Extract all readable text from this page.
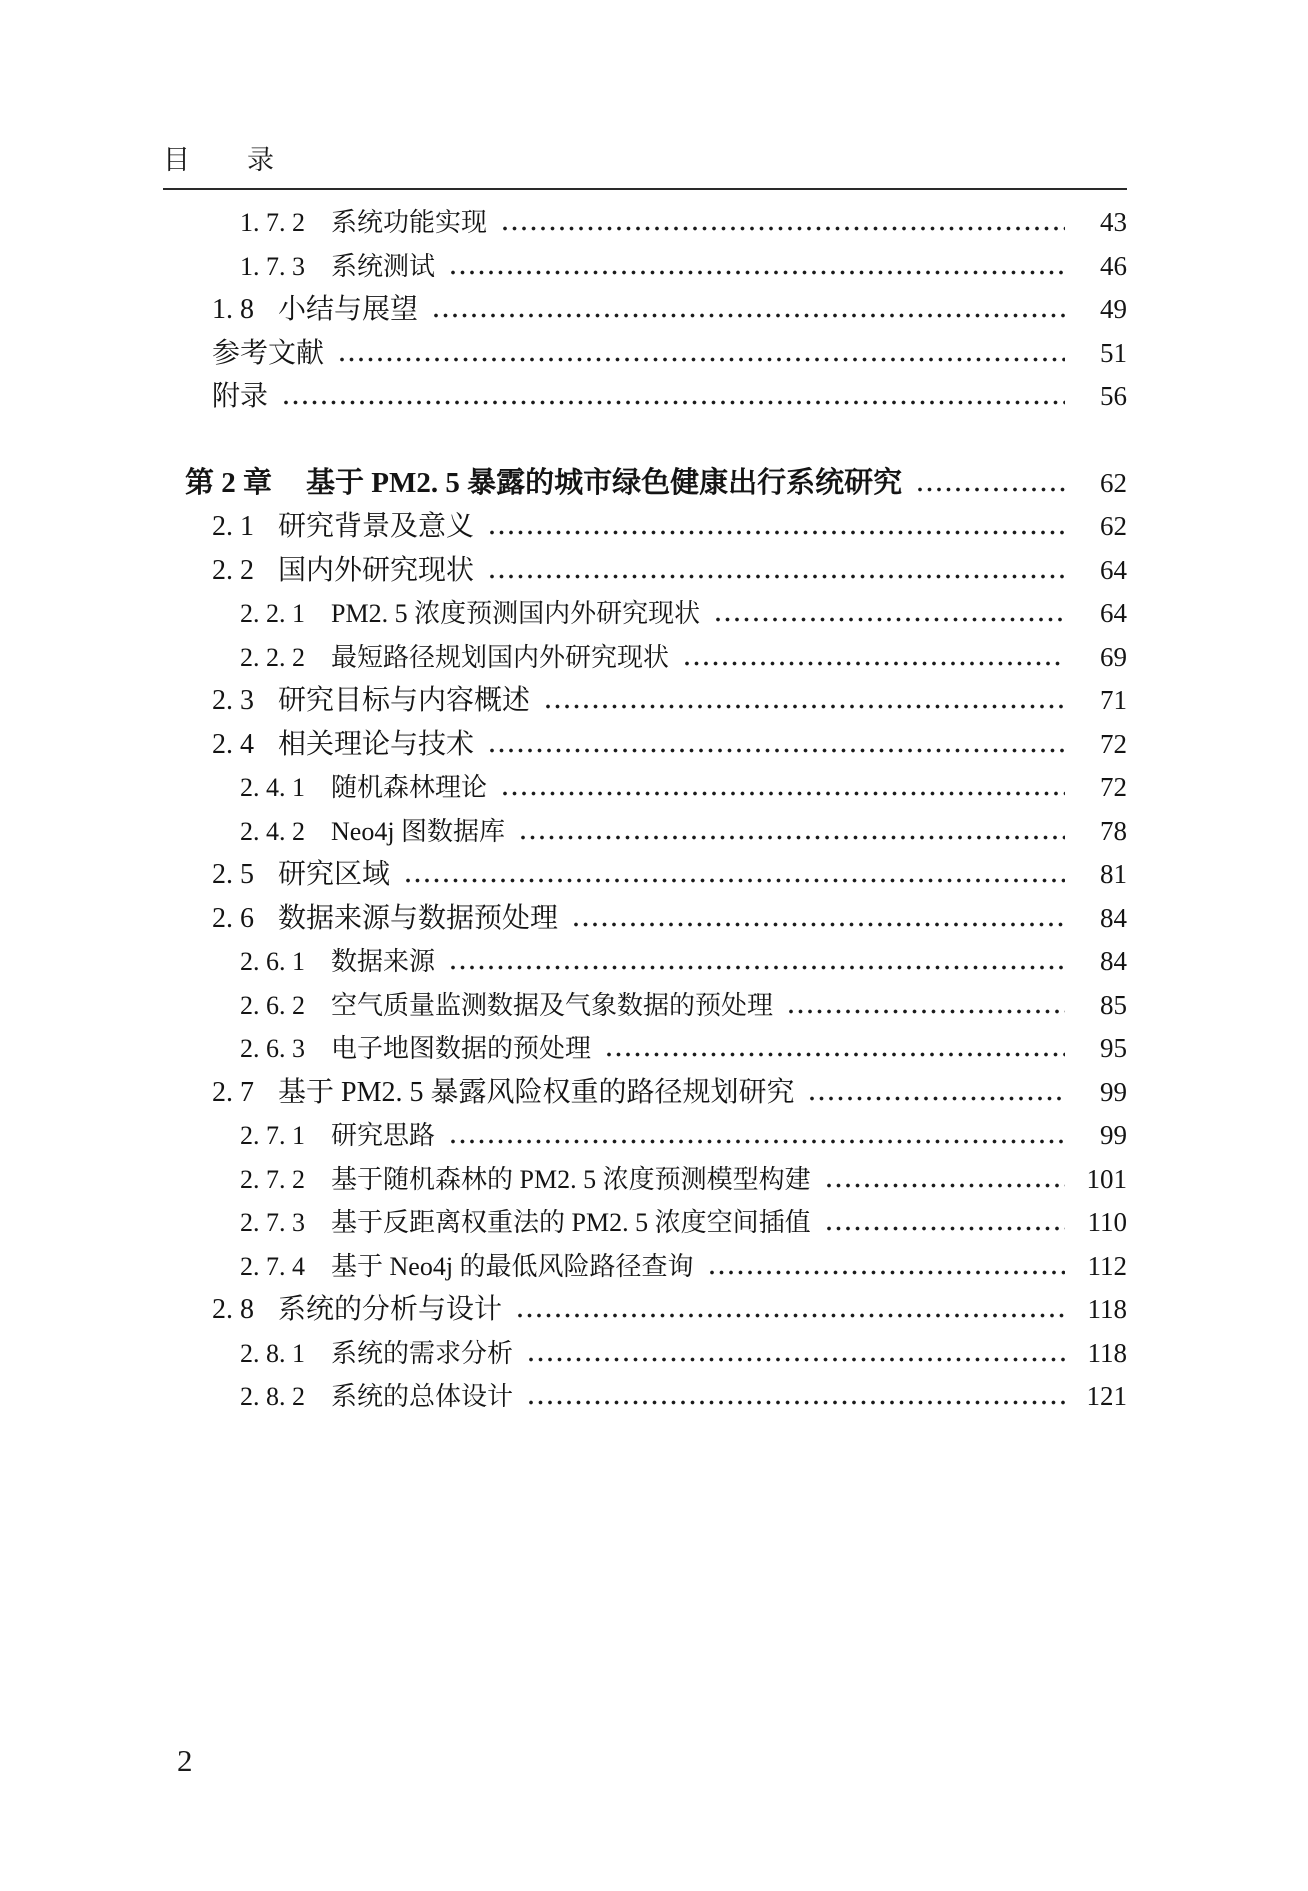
目　　录
1. 7. 2 系统功能实现	43
1. 7. 3 系统测试	46
1. 8 小结与展望	49
参考文献	51
附录	56
第 2 章 基于 PM2. 5 暴露的城市绿色健康出行系统研究	62
2. 1 研究背景及意义	62
2. 2 国内外研究现状	64
2. 2. 1 PM2. 5 浓度预测国内外研究现状	64
2. 2. 2 最短路径规划国内外研究现状	69
2. 3 研究目标与内容概述	71
2. 4 相关理论与技术	72
2. 4. 1 随机森林理论	72
2. 4. 2 Neo4j 图数据库	78
2. 5 研究区域	81
2. 6 数据来源与数据预处理	84
2. 6. 1 数据来源	84
2. 6. 2 空气质量监测数据及气象数据的预处理	85
2. 6. 3 电子地图数据的预处理	95
2. 7 基于 PM2. 5 暴露风险权重的路径规划研究	99
2. 7. 1 研究思路	99
2. 7. 2 基于随机森林的 PM2. 5 浓度预测模型构建	101
2. 7. 3 基于反距离权重法的 PM2. 5 浓度空间插值	110
2. 7. 4 基于 Neo4j 的最低风险路径查询	112
2. 8 系统的分析与设计	118
2. 8. 1 系统的需求分析	118
2. 8. 2 系统的总体设计	121
2
